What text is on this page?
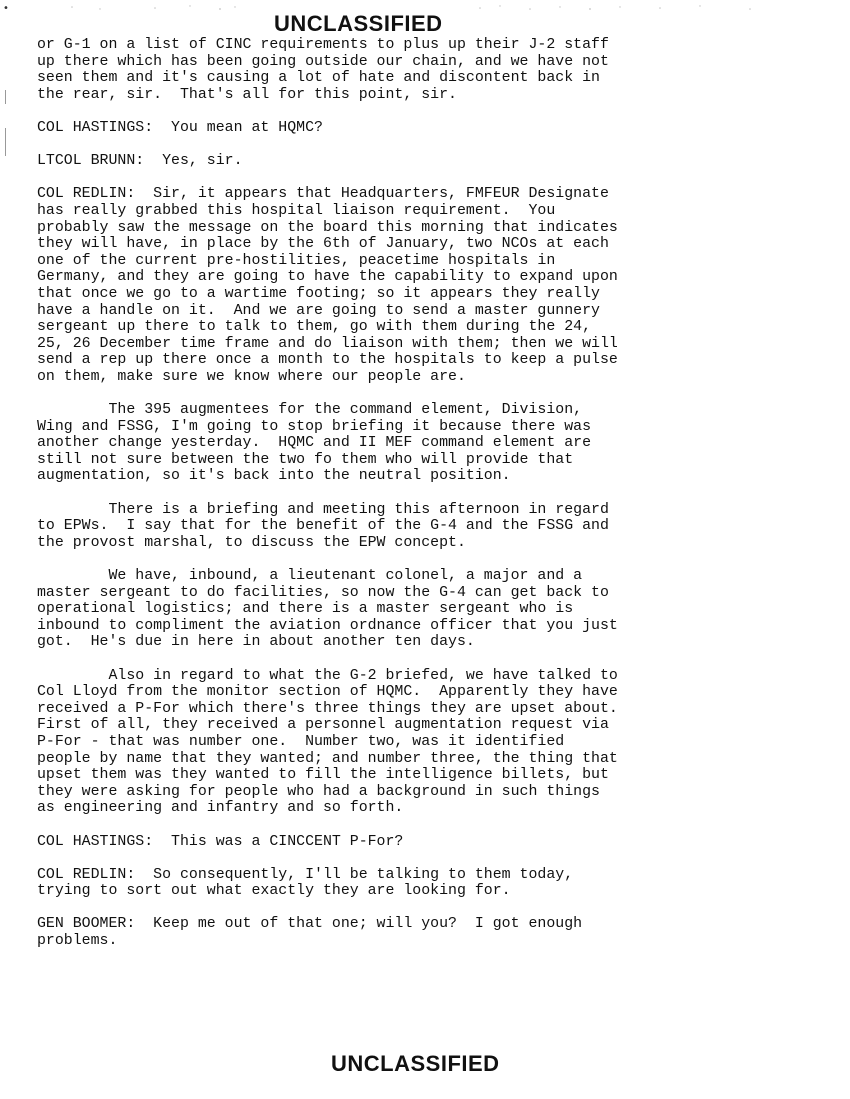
•
UNCLASSIFIED

or G-1 on a list of CINC requirements to plus up their J-2 staff
up there which has been going outside our chain, and we have not
seen them and it's causing a lot of hate and discontent back in
the rear, sir.  That's all for this point, sir.

COL HASTINGS:  You mean at HQMC?

LTCOL BRUNN:  Yes, sir.

COL REDLIN:  Sir, it appears that Headquarters, FMFEUR Designate
has really grabbed this hospital liaison requirement.  You
probably saw the message on the board this morning that indicates
they will have, in place by the 6th of January, two NCOs at each
one of the current pre-hostilities, peacetime hospitals in
Germany, and they are going to have the capability to expand upon
that once we go to a wartime footing; so it appears they really
have a handle on it.  And we are going to send a master gunnery
sergeant up there to talk to them, go with them during the 24,
25, 26 December time frame and do liaison with them; then we will
send a rep up there once a month to the hospitals to keep a pulse
on them, make sure we know where our people are.

The 395 augmentees for the command element, Division,
Wing and FSSG, I'm going to stop briefing it because there was
another change yesterday.  HQMC and II MEF command element are
still not sure between the two fo them who will provide that
augmentation, so it's back into the neutral position.

There is a briefing and meeting this afternoon in regard
to EPWs.  I say that for the benefit of the G-4 and the FSSG and
the provost marshal, to discuss the EPW concept.

We have, inbound, a lieutenant colonel, a major and a
master sergeant to do facilities, so now the G-4 can get back to
operational logistics; and there is a master sergeant who is
inbound to compliment the aviation ordnance officer that you just
got.  He's due in here in about another ten days.

Also in regard to what the G-2 briefed, we have talked to
Col Lloyd from the monitor section of HQMC.  Apparently they have
received a P-For which there's three things they are upset about.
First of all, they received a personnel augmentation request via
P-For - that was number one.  Number two, was it identified
people by name that they wanted; and number three, the thing that
upset them was they wanted to fill the intelligence billets, but
they were asking for people who had a background in such things
as engineering and infantry and so forth.

COL HASTINGS:  This was a CINCCENT P-For?

COL REDLIN:  So consequently, I'll be talking to them today,
trying to sort out what exactly they are looking for.

GEN BOOMER:  Keep me out of that one; will you?  I got enough
problems.

UNCLASSIFIED
